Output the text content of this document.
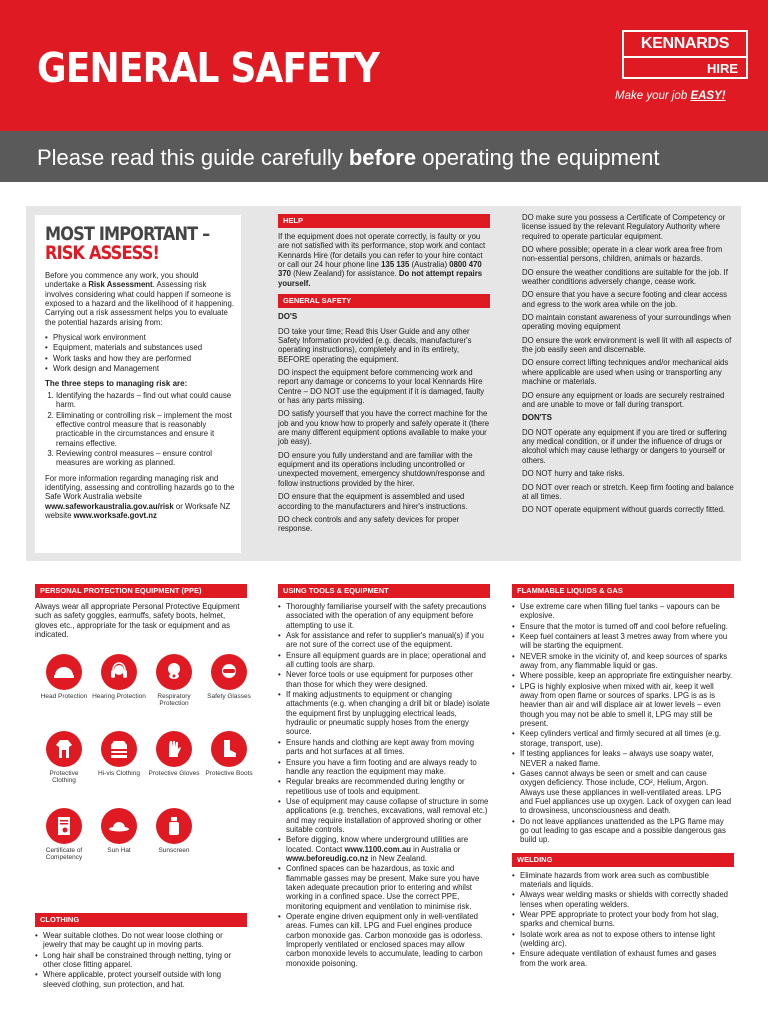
GENERAL SAFETY
KENNARDS
HIRE
Make your job EASY!
Please read this guide carefully before operating the equipment
MOST IMPORTANT –
RISK ASSESS!

Before you commence any work, you should undertake a Risk Assessment. Assessing risk involves considering what could happen if someone is exposed to a hazard and the likelihood of it happening. Carrying out a risk assessment helps you to evaluate the potential hazards arising from:

• Physical work environment
• Equipment, materials and substances used
• Work tasks and how they are performed
• Work design and Management
The three steps to managing risk are:
1. Identifying the hazards – find out what could cause harm.
2. Eliminating or controlling risk – implement the most effective control measure that is reasonably practicable in the circumstances and ensure it remains effective.
3. Reviewing control measures – ensure control measures are working as planned.

For more information regarding managing risk and identifying, assessing and controlling hazards go to the Safe Work Australia website www.safeworkaustralia.gov.au/risk or Worksafe NZ website www.worksafe.govt.nz

HELP

If the equipment does not operate correctly, is faulty or you are not satisfied with its performance, stop work and contact Kennards Hire (for details you can refer to your hire contact or call our 24 hour phone line 135 135 (Australia) 0800 470 370 (New Zealand) for assistance. Do not attempt repairs yourself.

GENERAL SAFETY
DO'S

DO take your time; Read this User Guide and any other Safety Information provided (e.g. decals, manufacturer's operating instructions), completely and in its entirety, BEFORE operating the equipment.

DO inspect the equipment before commencing work and report any damage or concerns to your local Kennards Hire Centre – DO NOT use the equipment if it is damaged, faulty or has any parts missing.

DO satisfy yourself that you have the correct machine for the job and you know how to properly and safely operate it (there are many different equipment options available to make your job easy).

DO ensure you fully understand and are familiar with the equipment and its operations including uncontrolled or unexpected movement, emergency shutdown/response and follow instructions provided by the hirer.

DO ensure that the equipment is assembled and used according to the manufacturers and hirer's instructions.

DO check controls and any safety devices for proper response.

DO make sure you possess a Certificate of Competency or license issued by the relevant Regulatory Authority where required to operate particular equipment.

DO where possible; operate in a clear work area free from non-essential persons, children, animals or hazards.

DO ensure the weather conditions are suitable for the job. If weather conditions adversely change, cease work.

DO ensure that you have a secure footing and clear access and egress to the work area while on the job.

DO maintain constant awareness of your surroundings when operating moving equipment

DO ensure the work environment is well lit with all aspects of the job easily seen and discernable.

DO ensure correct lifting techniques and/or mechanical aids where applicable are used when using or transporting any machine or materials.

DO ensure any equipment or loads are securely restrained and are unable to move or fall during transport.

DON'TS

DO NOT operate any equipment if you are tired or suffering any medical condition, or if under the influence of drugs or alcohol which may cause lethargy or dangers to yourself or others.

DO NOT hurry and take risks.

DO NOT over reach or stretch. Keep firm footing and balance at all times.

DO NOT operate equipment without guards correctly fitted.

PERSONAL PROTECTION EQUIPMENT (PPE)

Always wear all appropriate Personal Protective Equipment such as safety goggles, earmuffs, safety boots, helmet, gloves etc., appropriate for the task or equipment and as indicated.

Head Protection Hearing Protection	Respiratory Protection
Safety Glasses
Protective Clothing
Hi-vis Clothing	Protective Gloves Protective Boots
Certificate of Competency
Sun Hat	Sunscreen
CLOTHING
• Wear suitable clothes. Do not wear loose clothing or jewelry that may be caught up in moving parts.
• Long hair shall be constrained through netting, tying or other close fitting apparel.
• Where applicable, protect yourself outside with long sleeved clothing, sun protection, and hat.
USING TOOLS & EQUIPMENT
• Thoroughly familiarise yourself with the safety precautions associated with the operation of any equipment before attempting to use it.
• Ask for assistance and refer to supplier's manual(s) if you are not sure of the correct use of the equipment.
• Ensure all equipment guards are in place; operational and all cutting tools are sharp.
• Never force tools or use equipment for purposes other than those for which they were designed.
• If making adjustments to equipment or changing attachments (e.g. when changing a drill bit or blade) isolate the equipment first by unplugging electrical leads, hydraulic or pneumatic supply hoses from the energy source.
• Ensure hands and clothing are kept away from moving parts and hot surfaces at all times.
• Ensure you have a firm footing and are always ready to handle any reaction the equipment may make.
• Regular breaks are recommended during lengthy or repetitious use of tools and equipment.
• Use of equipment may cause collapse of structure in some applications (e.g. trenches, excavations, wall removal etc.) and may require installation of approved shoring or other suitable controls.
• Before digging, know where underground utilities are located. Contact www.1100.com.au in Australia or www.beforeudig.co.nz in New Zealand.
• Confined spaces can be hazardous, as toxic and flammable gasses may be present. Make sure you have taken adequate precaution prior to entering and whilst working in a confined space. Use the correct PPE, monitoring equipment and ventilation to minimise risk.
• Operate engine driven equipment only in well-ventilated areas. Fumes can kill. LPG and Fuel engines produce carbon monoxide gas. Carbon monoxide gas is odorless. Improperly ventilated or enclosed spaces may allow carbon monoxide levels to accumulate, leading to carbon monoxide poisoning.
FLAMMABLE LIQUIDS & GAS
• Use extreme care when filling fuel tanks – vapours can be explosive.
• Ensure that the motor is turned off and cool before refueling.
• Keep fuel containers at least 3 metres away from where you will be starting the equipment.
• NEVER smoke in the vicinity of, and keep sources of sparks away from, any flammable liquid or gas.
• Where possible, keep an appropriate fire extinguisher nearby.
• LPG is highly explosive when mixed with air, keep it well away from open flame or sources of sparks. LPG is as is heavier than air and will displace air at lower levels – even though you may not be able to smell it, LPG may still be present.
• Keep cylinders vertical and firmly secured at all times (e.g. storage, transport, use).
• If testing appliances for leaks – always use soapy water, NEVER a naked flame.
• Gases cannot always be seen or smelt and can cause oxygen deficiency. Those include, CO², Helium, Argon. Always use these appliances in well-ventilated areas. LPG and Fuel appliances use up oxygen. Lack of oxygen can lead to drowsiness, unconsciousness and death.
• Do not leave appliances unattended as the LPG flame may go out leading to gas escape and a possible dangerous gas build up.
WELDING
• Eliminate hazards from work area such as combustible materials and liquids.
• Always wear welding masks or shields with correctly shaded lenses when operating welders.
• Wear PPE appropriate to protect your body from hot slag, sparks and chemical burns.
• Isolate work area as not to expose others to intense light (welding arc).
• Ensure adequate ventilation of exhaust fumes and gases from the work area.
